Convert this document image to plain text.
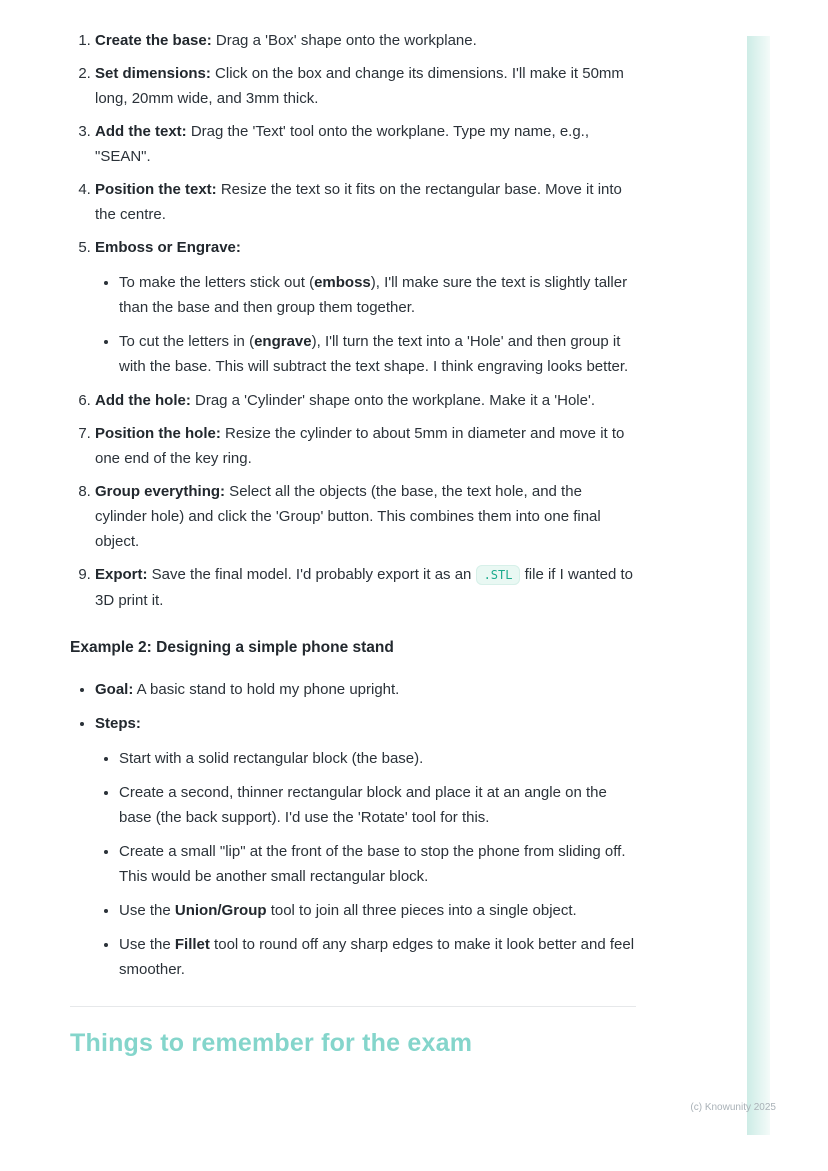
1. Create the base: Drag a 'Box' shape onto the workplane.
2. Set dimensions: Click on the box and change its dimensions. I'll make it 50mm long, 20mm wide, and 3mm thick.
3. Add the text: Drag the 'Text' tool onto the workplane. Type my name, e.g., "SEAN".
4. Position the text: Resize the text so it fits on the rectangular base. Move it into the centre.
5. Emboss or Engrave:
• To make the letters stick out (emboss), I'll make sure the text is slightly taller than the base and then group them together.
• To cut the letters in (engrave), I'll turn the text into a 'Hole' and then group it with the base. This will subtract the text shape. I think engraving looks better.
6. Add the hole: Drag a 'Cylinder' shape onto the workplane. Make it a 'Hole'.
7. Position the hole: Resize the cylinder to about 5mm in diameter and move it to one end of the key ring.
8. Group everything: Select all the objects (the base, the text hole, and the cylinder hole) and click the 'Group' button. This combines them into one final object.
9. Export: Save the final model. I'd probably export it as an .STL file if I wanted to 3D print it.
Example 2: Designing a simple phone stand
• Goal: A basic stand to hold my phone upright.
• Steps:
• Start with a solid rectangular block (the base).
• Create a second, thinner rectangular block and place it at an angle on the base (the back support). I'd use the 'Rotate' tool for this.
• Create a small "lip" at the front of the base to stop the phone from sliding off. This would be another small rectangular block.
• Use the Union/Group tool to join all three pieces into a single object.
• Use the Fillet tool to round off any sharp edges to make it look better and feel smoother.
Things to remember for the exam
(c) Knowunity 2025
